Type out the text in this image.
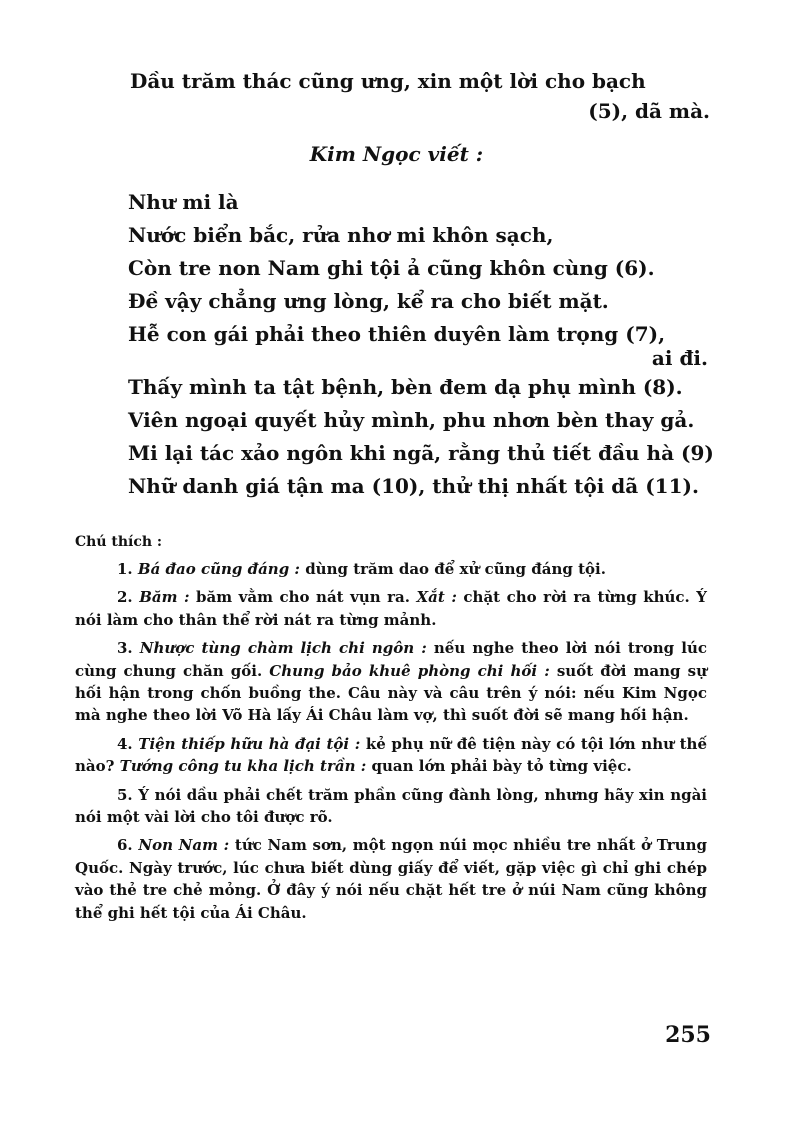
Dầu trăm thác cũng ưng, xin một lời cho bạch
(5), dã mà.
Kim Ngọc viết :
Như mi là
Nước biển bắc, rửa nhơ mi khôn sạch,
Còn tre non Nam ghi tội ả cũng khôn cùng (6).
Đề vậy chẳng ưng lòng, kể ra cho biết mặt.
Hễ con gái phải theo thiên duyên làm trọng (7),
ai đi.
Thấy mình ta tật bệnh, bèn đem dạ phụ mình (8).
Viên ngoại quyết hủy mình, phu nhơn bèn thay gả.
Mi lại tác xảo ngôn khi ngã, rằng thủ tiết đầu hà (9)
Nhữ danh giá tận ma (10), thử thị nhất tội dã (11).
Chú thích :

1. Bá đao cũng đáng : dùng trăm dao để xử cũng đáng tội.

2. Băm : băm vằm cho nát vụn ra. Xắt : chặt cho rời ra từng khúc. Ý nói làm cho thân thể rời nát ra từng mảnh.

3. Nhược tùng chàm lịch chi ngôn : nếu nghe theo lời nói trong lúc cùng chung chăn gối. Chung bảo khuê phòng chi hối : suốt đời mang sự hối hận trong chốn buồng the. Câu này và câu trên ý nói: nếu Kim Ngọc mà nghe theo lời Võ Hà lấy Ái Châu làm vợ, thì suốt đời sẽ mang hối hận.

4. Tiện thiếp hữu hà đại tội : kẻ phụ nữ đê tiện này có tội lớn như thế nào? Tướng công tu kha lịch trần : quan lớn phải bày tỏ từng việc.

5. Ý nói dầu phải chết trăm phần cũng đành lòng, nhưng hãy xin ngài nói một vài lời cho tôi được rõ.

6. Non Nam : tức Nam sơn, một ngọn núi mọc nhiều tre nhất ở Trung Quốc. Ngày trước, lúc chưa biết dùng giấy để viết, gặp việc gì chỉ ghi chép vào thẻ tre chẻ mỏng. Ở đây ý nói nếu chặt hết tre ở núi Nam cũng không thể ghi hết tội của Ái Châu.

255
